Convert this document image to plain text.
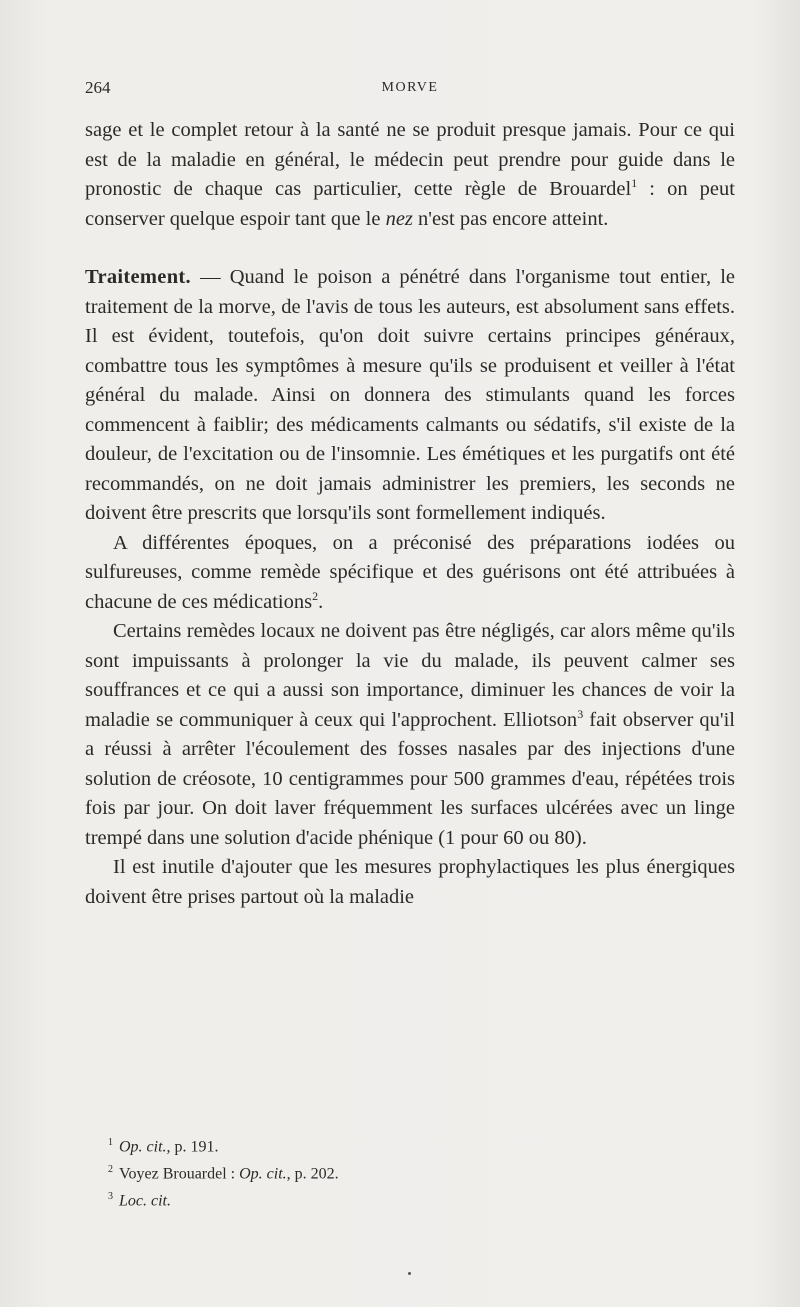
264	MORVE

sage et le complet retour à la santé ne se produit presque jamais. Pour ce qui est de la maladie en général, le médecin peut prendre pour guide dans le pronostic de chaque cas particulier, cette règle de Brouardel$^1$ : on peut conserver quelque espoir tant que le nez n'est pas encore atteint.

Traitement. — Quand le poison a pénétré dans l'organisme tout entier, le traitement de la morve, de l'avis de tous les auteurs, est absolument sans effets. Il est évident, toutefois, qu'on doit suivre certains principes généraux, combattre tous les symptômes à mesure qu'ils se produisent et veiller à l'état général du malade. Ainsi on donnera des stimulants quand les forces commencent à faiblir; des médicaments calmants ou sédatifs, s'il existe de la douleur, de l'excitation ou de l'insomnie. Les émétiques et les purgatifs ont été recommandés, on ne doit jamais administrer les premiers, les seconds ne doivent être prescrits que lorsqu'ils sont formellement indiqués.

A différentes époques, on a préconisé des préparations iodées ou sulfureuses, comme remède spécifique et des guérisons ont été attribuées à chacune de ces médications$^2$.

Certains remèdes locaux ne doivent pas être négligés, car alors même qu'ils sont impuissants à prolonger la vie du malade, ils peuvent calmer ses souffrances et ce qui a aussi son importance, diminuer les chances de voir la maladie se communiquer à ceux qui l'approchent. Elliotson$^3$ fait observer qu'il a réussi à arrêter l'écoulement des fosses nasales par des injections d'une solution de créosote, 10 centigrammes pour 500 grammes d'eau, répétées trois fois par jour. On doit laver fréquemment les surfaces ulcérées avec un linge trempé dans une solution d'acide phénique (1 pour 60 ou 80).

Il est inutile d'ajouter que les mesures prophylactiques les plus énergiques doivent être prises partout où la maladie

$^1$ Op. cit., p. 191.

$^2$ Voyez Brouardel : Op. cit., p. 202.

$^3$ Loc. cit.
